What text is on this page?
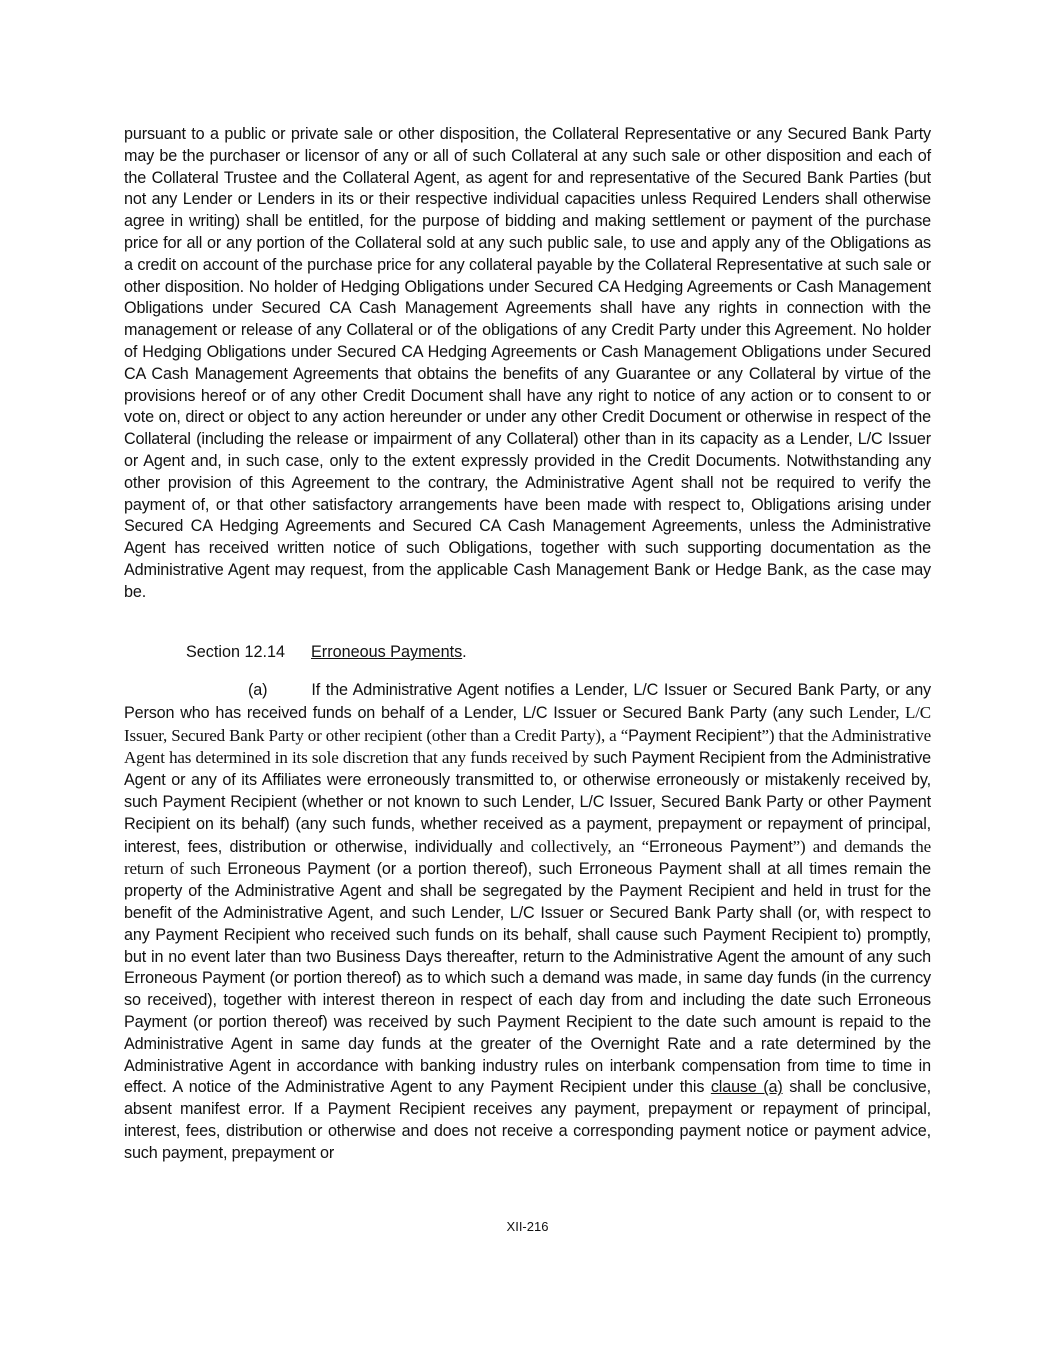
pursuant to a public or private sale or other disposition, the Collateral Representative or any Secured Bank Party may be the purchaser or licensor of any or all of such Collateral at any such sale or other disposition and each of the Collateral Trustee and the Collateral Agent, as agent for and representative of the Secured Bank Parties (but not any Lender or Lenders in its or their respective individual capacities unless Required Lenders shall otherwise agree in writing) shall be entitled, for the purpose of bidding and making settlement or payment of the purchase price for all or any portion of the Collateral sold at any such public sale, to use and apply any of the Obligations as a credit on account of the purchase price for any collateral payable by the Collateral Representative at such sale or other disposition. No holder of Hedging Obligations under Secured CA Hedging Agreements or Cash Management Obligations under Secured CA Cash Management Agreements shall have any rights in connection with the management or release of any Collateral or of the obligations of any Credit Party under this Agreement. No holder of Hedging Obligations under Secured CA Hedging Agreements or Cash Management Obligations under Secured CA Cash Management Agreements that obtains the benefits of any Guarantee or any Collateral by virtue of the provisions hereof or of any other Credit Document shall have any right to notice of any action or to consent to or vote on, direct or object to any action hereunder or under any other Credit Document or otherwise in respect of the Collateral (including the release or impairment of any Collateral) other than in its capacity as a Lender, L/C Issuer or Agent and, in such case, only to the extent expressly provided in the Credit Documents. Notwithstanding any other provision of this Agreement to the contrary, the Administrative Agent shall not be required to verify the payment of, or that other satisfactory arrangements have been made with respect to, Obligations arising under Secured CA Hedging Agreements and Secured CA Cash Management Agreements, unless the Administrative Agent has received written notice of such Obligations, together with such supporting documentation as the Administrative Agent may request, from the applicable Cash Management Bank or Hedge Bank, as the case may be.
Section 12.14 Erroneous Payments.
(a)	If the Administrative Agent notifies a Lender, L/C Issuer or Secured Bank Party, or any Person who has received funds on behalf of a Lender, L/C Issuer or Secured Bank Party (any such Lender, L/C Issuer, Secured Bank Party or other recipient (other than a Credit Party), a “Payment Recipient”) that the Administrative Agent has determined in its sole discretion that any funds received by such Payment Recipient from the Administrative Agent or any of its Affiliates were erroneously transmitted to, or otherwise erroneously or mistakenly received by, such Payment Recipient (whether or not known to such Lender, L/C Issuer, Secured Bank Party or other Payment Recipient on its behalf) (any such funds, whether received as a payment, prepayment or repayment of principal, interest, fees, distribution or otherwise, individually and collectively, an “Erroneous Payment”) and demands the return of such Erroneous Payment (or a portion thereof), such Erroneous Payment shall at all times remain the property of the Administrative Agent and shall be segregated by the Payment Recipient and held in trust for the benefit of the Administrative Agent, and such Lender, L/C Issuer or Secured Bank Party shall (or, with respect to any Payment Recipient who received such funds on its behalf, shall cause such Payment Recipient to) promptly, but in no event later than two Business Days thereafter, return to the Administrative Agent the amount of any such Erroneous Payment (or portion thereof) as to which such a demand was made, in same day funds (in the currency so received), together with interest thereon in respect of each day from and including the date such Erroneous Payment (or portion thereof) was received by such Payment Recipient to the date such amount is repaid to the Administrative Agent in same day funds at the greater of the Overnight Rate and a rate determined by the Administrative Agent in accordance with banking industry rules on interbank compensation from time to time in effect. A notice of the Administrative Agent to any Payment Recipient under this clause (a) shall be conclusive, absent manifest error. If a Payment Recipient receives any payment, prepayment or repayment of principal, interest, fees, distribution or otherwise and does not receive a corresponding payment notice or payment advice, such payment, prepayment or
XII-216
